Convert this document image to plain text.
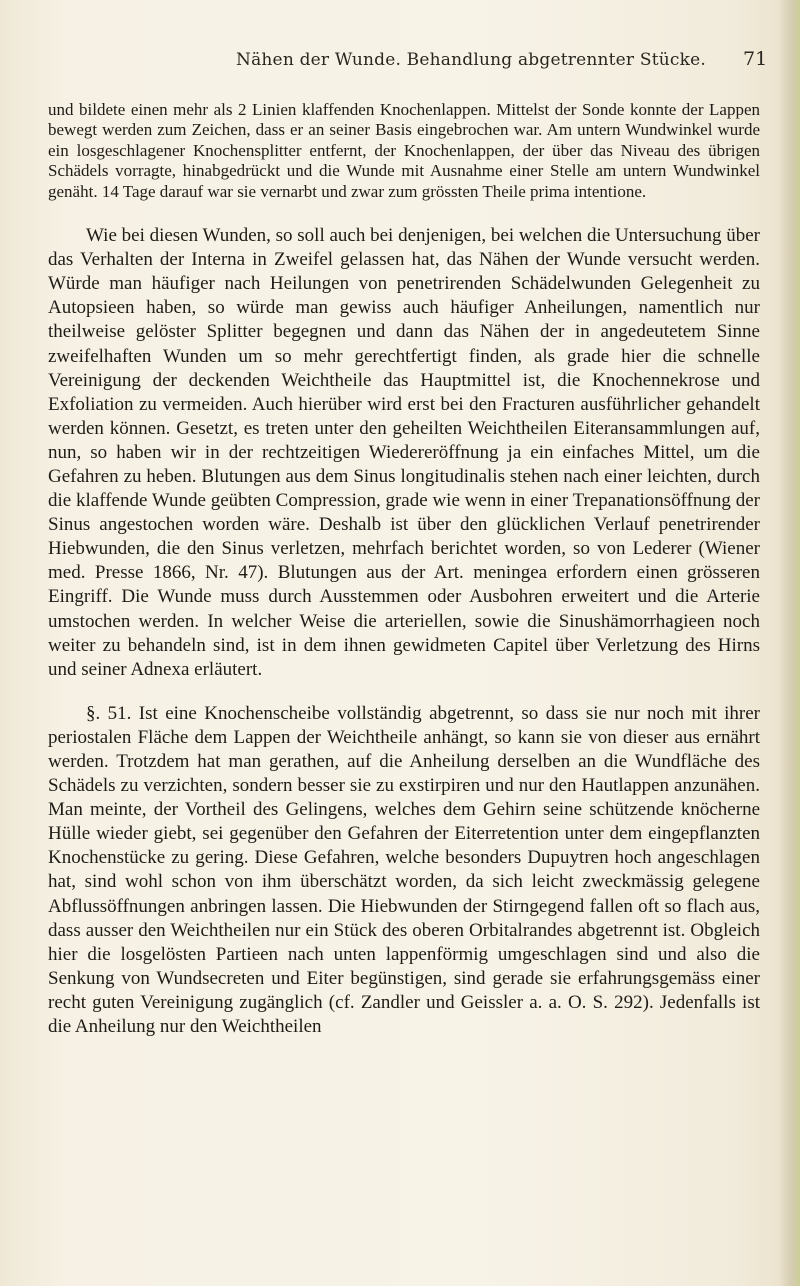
Nähen der Wunde. Behandlung abgetrennter Stücke. 71

und bildete einen mehr als 2 Linien klaffenden Knochenlappen. Mittelst der Sonde konnte der Lappen bewegt werden zum Zeichen, dass er an seiner Basis eingebrochen war. Am untern Wundwinkel wurde ein losgeschlagener Knochensplitter entfernt, der Knochenlappen, der über das Niveau des übrigen Schädels vorragte, hinabgedrückt und die Wunde mit Ausnahme einer Stelle am untern Wundwinkel genäht. 14 Tage darauf war sie vernarbt und zwar zum grössten Theile prima intentione.

Wie bei diesen Wunden, so soll auch bei denjenigen, bei welchen die Untersuchung über das Verhalten der Interna in Zweifel gelassen hat, das Nähen der Wunde versucht werden. Würde man häufiger nach Heilungen von penetrirenden Schädelwunden Gelegenheit zu Autopsieen haben, so würde man gewiss auch häufiger Anheilungen, namentlich nur theilweise gelöster Splitter begegnen und dann das Nähen der in angedeutetem Sinne zweifelhaften Wunden um so mehr gerechtfertigt finden, als grade hier die schnelle Vereinigung der deckenden Weichtheile das Hauptmittel ist, die Knochennekrose und Exfoliation zu vermeiden. Auch hierüber wird erst bei den Fracturen ausführlicher gehandelt werden können. Gesetzt, es treten unter den geheilten Weichtheilen Eiteransammlungen auf, nun, so haben wir in der rechtzeitigen Wiedereröffnung ja ein einfaches Mittel, um die Gefahren zu heben. Blutungen aus dem Sinus longitudinalis stehen nach einer leichten, durch die klaffende Wunde geübten Compression, grade wie wenn in einer Trepanationsöffnung der Sinus angestochen worden wäre. Deshalb ist über den glücklichen Verlauf penetrirender Hiebwunden, die den Sinus verletzen, mehrfach berichtet worden, so von Lederer (Wiener med. Presse 1866, Nr. 47). Blutungen aus der Art. meningea erfordern einen grösseren Eingriff. Die Wunde muss durch Ausstemmen oder Ausbohren erweitert und die Arterie umstochen werden. In welcher Weise die arteriellen, sowie die Sinushämorrhagieen noch weiter zu behandeln sind, ist in dem ihnen gewidmeten Capitel über Verletzung des Hirns und seiner Adnexa erläutert.

§. 51. Ist eine Knochenscheibe vollständig abgetrennt, so dass sie nur noch mit ihrer periostalen Fläche dem Lappen der Weichtheile anhängt, so kann sie von dieser aus ernährt werden. Trotzdem hat man gerathen, auf die Anheilung derselben an die Wundfläche des Schädels zu verzichten, sondern besser sie zu exstirpiren und nur den Hautlappen anzunähen. Man meinte, der Vortheil des Gelingens, welches dem Gehirn seine schützende knöcherne Hülle wieder giebt, sei gegenüber den Gefahren der Eiterretention unter dem eingepflanzten Knochenstücke zu gering. Diese Gefahren, welche besonders Dupuytren hoch angeschlagen hat, sind wohl schon von ihm überschätzt worden, da sich leicht zweckmässig gelegene Abflussöffnungen anbringen lassen. Die Hiebwunden der Stirngegend fallen oft so flach aus, dass ausser den Weichtheilen nur ein Stück des oberen Orbitalrandes abgetrennt ist. Obgleich hier die losgelösten Partieen nach unten lappenförmig umgeschlagen sind und also die Senkung von Wundsecreten und Eiter begünstigen, sind gerade sie erfahrungsgemäss einer recht guten Vereinigung zugänglich (cf. Zandler und Geissler a. a. O. S. 292). Jedenfalls ist die Anheilung nur den Weichtheilen
